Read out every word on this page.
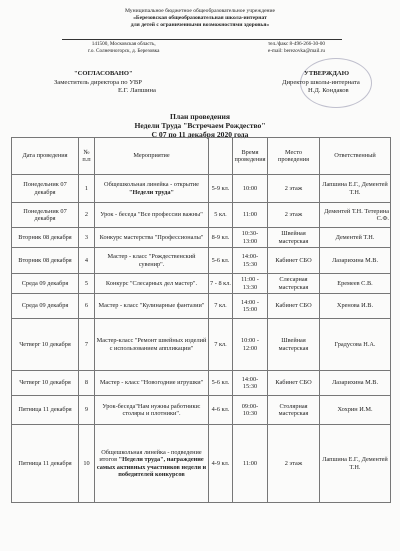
Муниципальное бюджетное общеобразовательное учреждение
«Березовская общеобразовательная школа-интернат
для детей с ограниченными возможностями здоровья»
141500, Московская область,
г.о. Солнечногорск, д. Березовка
тел./факс 8-496-266-30-00
e-mail: berezovka@mail.ru
"СОГЛАСОВАНО"
Заместитель директора по УВР
Е.Г. Лапшина
УТВЕРЖДАЮ
Директор школы-интерната
Н.Д. Кондаков
План проведения
Недели Труда "Встречаем Рождество"
С 07 по 11 декабря 2020 года
Дата проведения	№ п.п	Мероприятие		Время проведения	Место проведения	Ответственный
Понедельник 07 декабря	1	Общешкольная линейка - открытие "Недели труда"	5-9 кл.	10:00	2 этаж	Лапшина Е.Г., Дементей Т.Н.
Понедельник 07 декабря	2	Урок - беседа "Все профессии важны"	5 кл.	11:00	2 этаж	Дементей Т.Н. Тетерина С.Ф.
Вторник 08 декабря	3	Конкурс мастерства "Профессионалы"	8-9 кл.	10:30- 13:00	Швейная мастерская	Дементей Т.Н.
Вторник 08 декабря	4	Мастер - класс "Рождественский сувенир".	5-6 кл.	14:00- 15:30	Кабинет СБО	Лазарихина М.В.
Среда 09 декабря	5	Конкурс "Слесарных дел мастер".	7 - 8 кл.	11:00 - 13:30	Слесарная мастерская	Еремеев С.В.
Среда 09 декабря	6	Мастер - класс "Кулинарные фантазии"	7 кл.	14:00 - 15:00	Кабинет СБО	Хренова И.В.
Четверг 10 декабря	7	Мастер-класс "Ремонт швейных изделий с использованием аппликации"	7 кл.	10:00 - 12:00	Швейная мастерская	Градусова Н.А.
Четверг 10 декабря	8	Мастер - класс "Новогодние игрушки"	5-6 кл.	14:00- 15:30	Кабинет СБО	Лазарихина М.В.
Пятница 11 декабря	9	Урок-беседа"Нам нужны работники: столяры и плотники".	4-6 кл.	09:00- 10:30	Столярная мастерская	Хохрин И.М.
Пятница 11 декабря	10	Общешкольная линейка - подведение итогов "Недели труда", награждение самых активных участников недели и победителей конкурсов	4-9 кл.	11:00	2 этаж	Лапшина Е.Г., Дементей Т.Н.
